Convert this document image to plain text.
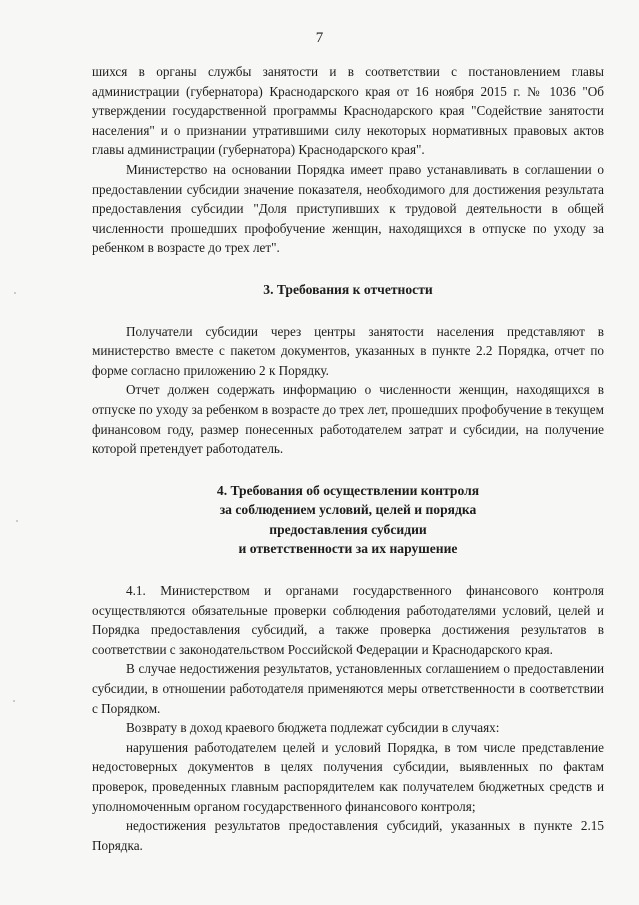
7

шихся в органы службы занятости и в соответствии с постановлением главы администрации (губернатора) Краснодарского края от 16 ноября 2015 г. № 1036 "Об утверждении государственной программы Краснодарского края "Содействие занятости населения" и о признании утратившими силу некоторых нормативных правовых актов главы администрации (губернатора) Краснодарского края".

Министерство на основании Порядка имеет право устанавливать в соглашении о предоставлении субсидии значение показателя, необходимого для достижения результата предоставления субсидии "Доля приступивших к трудовой деятельности в общей численности прошедших профобучение женщин, находящихся в отпуске по уходу за ребенком в возрасте до трех лет".

3. Требования к отчетности

Получатели субсидии через центры занятости населения представляют в министерство вместе с пакетом документов, указанных в пункте 2.2 Порядка, отчет по форме согласно приложению 2 к Порядку.

Отчет должен содержать информацию о численности женщин, находящихся в отпуске по уходу за ребенком в возрасте до трех лет, прошедших профобучение в текущем финансовом году, размер понесенных работодателем затрат и субсидии, на получение которой претендует работодатель.

4. Требования об осуществлении контроля
за соблюдением условий, целей и порядка
предоставления субсидии
и ответственности за их нарушение

4.1. Министерством и органами государственного финансового контроля осуществляются обязательные проверки соблюдения работодателями условий, целей и Порядка предоставления субсидий, а также проверка достижения результатов в соответствии с законодательством Российской Федерации и Краснодарского края.

В случае недостижения результатов, установленных соглашением о предоставлении субсидии, в отношении работодателя применяются меры ответственности в соответствии с Порядком.

Возврату в доход краевого бюджета подлежат субсидии в случаях:

нарушения работодателем целей и условий Порядка, в том числе представление недостоверных документов в целях получения субсидии, выявленных по фактам проверок, проведенных главным распорядителем как получателем бюджетных средств и уполномоченным органом государственного финансового контроля;

недостижения результатов предоставления субсидий, указанных в пункте 2.15 Порядка.
